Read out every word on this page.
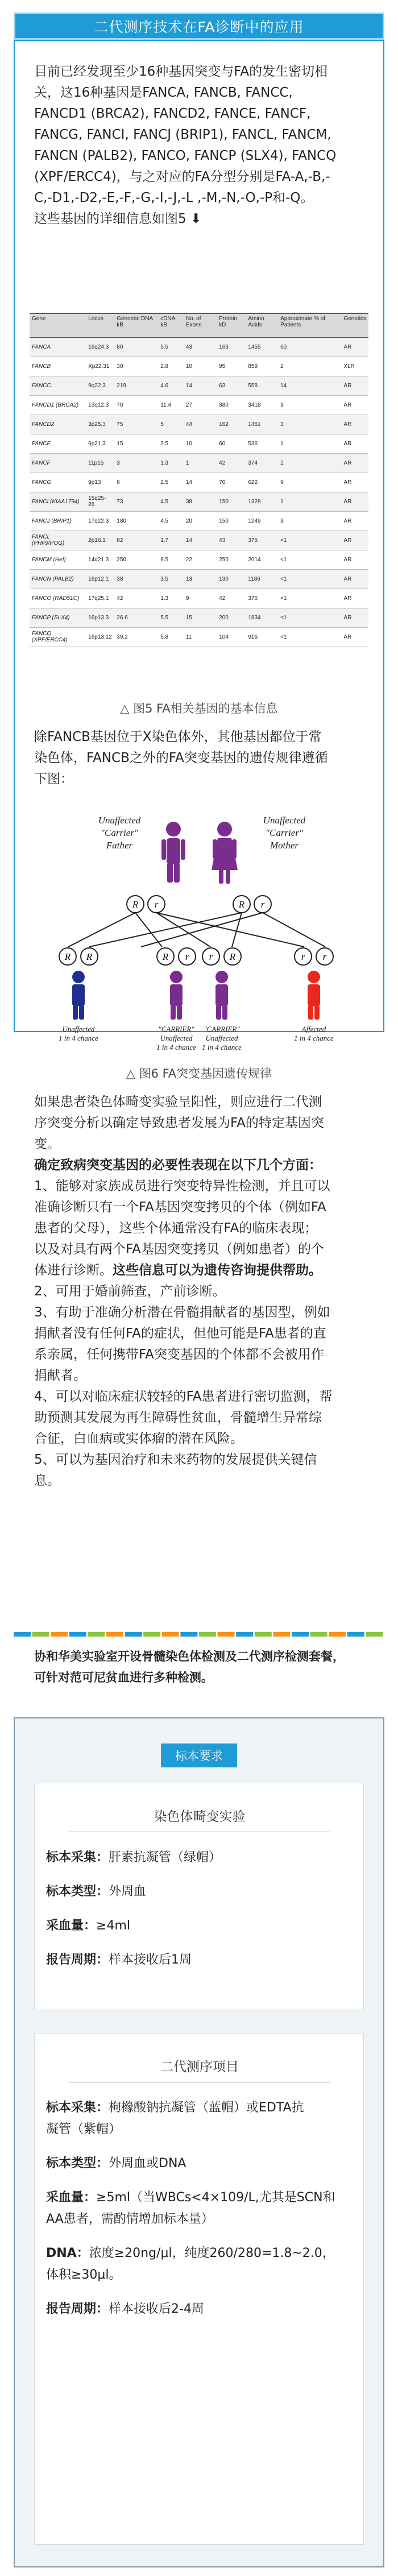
二代测序技术在FA诊断中的应用
目前已经发现至少16种基因突变与FA的发生密切相
关，这16种基因是FANCA, FANCB, FANCC,
FANCD1 (BRCA2), FANCD2, FANCE, FANCF,
FANCG, FANCI, FANCJ (BRIP1), FANCL, FANCM,
FANCN (PALB2), FANCO, FANCP (SLX4), FANCQ
(XPF/ERCC4)，与之对应的FA分型分别是FA-A,-B,-
C,-D1,-D2,-E,-F,-G,-I,-J,-L ,-M,-N,-O,-P和-Q。
这些基因的详细信息如图5 ⬇
Gene	Locus	Genomic DNA kB	cDNA kB	No. of Exons	Protein kD	Amino Acids	Approximate % of Patients	Genetics
FANCA	16q24.3	80	5.5	43	163	1455	60	AR
FANCB	Xp22.31	30	2.8	10	95	859	2	XLR
FANCC	9q22.3	219	4.6	14	63	558	14	AR
FANCD1 (BRCA2)	13q12.3	70	11.4	27	380	3418	3	AR
FANCD2	3p25.3	75	5	44	162	1451	3	AR
FANCE	6p21.3	15	2.5	10	60	536	1	AR
FANCF	11p15	3	1.3	1	42	374	2	AR
FANCG	9p13	6	2.5	14	70	622	9	AR
FANCI (KIAA1794)	15q25-26	73	4.5	38	150	1328	1	AR
FANCJ (BRIP1)	17q22.3	180	4.5	20	150	1249	3	AR
FANCL (PHF9/POG)	2p16.1	82	1.7	14	43	375	<1	AR
FANCM (Hef)	14q21.3	250	6.5	22	250	2014	<1	AR
FANCN (PALB2)	16p12.1	38	3.5	13	130	1186	<1	AR
FANCO (RAD51C)	17q25.1	42	1.3	9	42	376	<1	AR
FANCP (SLX4)	16p13.3	26.6	5.5	15	200	1834	<1	AR
FANCQ (XPF/ERCC4)	16p13.12	39.2	6.8	11	104	916	<1	AR
△ 图5 FA相关基因的基本信息
除FANCB基因位于X染色体外，其他基因都位于常
染色体，FANCB之外的FA突变基因的遗传规律遵循
下图：
Unaffected
"Carrier"
Father
Unaffected
"Carrier"
Mother
R r	R r
R R
Unaffected
1 in 4 chance
R r
"CARRIER"
Unaffected
1 in 4 chance
r R
"CARRIER"
Unaffected
1 in 4 chance
r r
Affected
1 in 4 chance
△ 图6 FA突变基因遗传规律
如果患者染色体畸变实验呈阳性，则应进行二代测
序突变分析以确定导致患者发展为FA的特定基因突
变。
确定致病突变基因的必要性表现在以下几个方面：
1、能够对家族成员进行突变特异性检测，并且可以
准确诊断只有一个FA基因突变拷贝的个体（例如FA
患者的父母），这些个体通常没有FA的临床表现；
以及对具有两个FA基因突变拷贝（例如患者）的个
体进行诊断。这些信息可以为遗传咨询提供帮助。
2、可用于婚前筛查，产前诊断。
3、有助于准确分析潜在骨髓捐献者的基因型，例如
捐献者没有任何FA的症状，但他可能是FA患者的直
系亲属，任何携带FA突变基因的个体都不会被用作
捐献者。
4、可以对临床症状较轻的FA患者进行密切监测，帮
助预测其发展为再生障碍性贫血，骨髓增生异常综
合征，白血病或实体瘤的潜在风险。
5、可以为基因治疗和未来药物的发展提供关键信
息。
协和华美实验室开设骨髓染色体检测及二代测序检测套餐，
可针对范可尼贫血进行多种检测。
标本要求
染色体畸变实验
标本采集：肝素抗凝管（绿帽）
标本类型：外周血
采血量：≥4ml
报告周期：样本接收后1周
二代测序项目
标本采集：枸橼酸钠抗凝管（蓝帽）或EDTA抗
凝管（紫帽）
标本类型：外周血或DNA
采血量：≥5ml（当WBCs<4×109/L,尤其是SCN和
AA患者，需酌情增加标本量）
DNA：浓度≥20ng/μl，纯度260/280=1.8~2.0，
体积≥30μl。
报告周期：样本接收后2-4周
